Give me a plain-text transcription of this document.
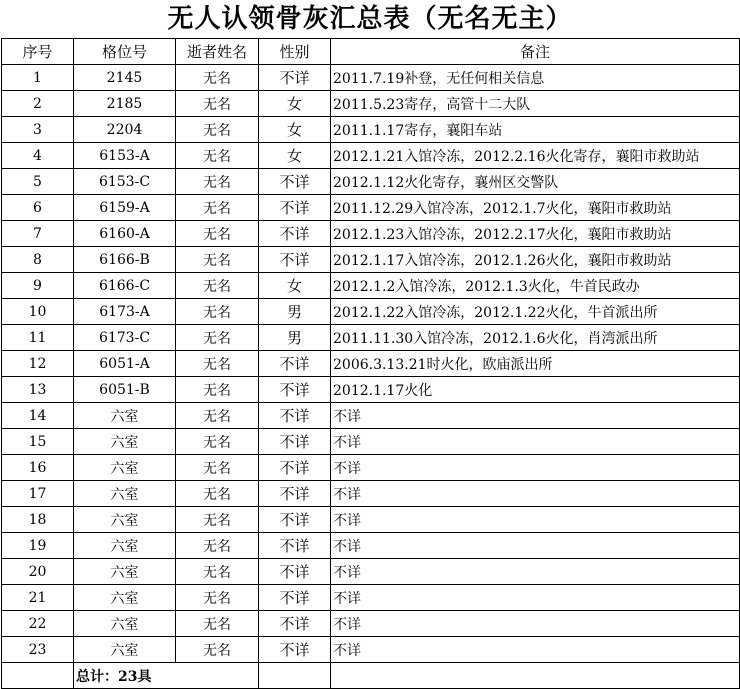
无人认领骨灰汇总表（无名无主）
序号	格位号	逝者姓名	性别	备注
1	2145	无名	不详	2011.7.19补登，无任何相关信息
2	2185	无名	女	2011.5.23寄存，高管十二大队
3	2204	无名	女	2011.1.17寄存，襄阳车站
4	6153-A	无名	女	2012.1.21入馆冷冻，2012.2.16火化寄存，襄阳市救助站
5	6153-C	无名	不详	2012.1.12火化寄存，襄州区交警队
6	6159-A	无名	不详	2011.12.29入馆冷冻，2012.1.7火化，襄阳市救助站
7	6160-A	无名	不详	2012.1.23入馆冷冻，2012.2.17火化，襄阳市救助站
8	6166-B	无名	不详	2012.1.17入馆冷冻，2012.1.26火化，襄阳市救助站
9	6166-C	无名	女	2012.1.2入馆冷冻，2012.1.3火化，牛首民政办
10	6173-A	无名	男	2012.1.22入馆冷冻，2012.1.22火化，牛首派出所
11	6173-C	无名	男	2011.11.30入馆冷冻，2012.1.6火化，肖湾派出所
12	6051-A	无名	不详	2006.3.13.21时火化，欧庙派出所
13	6051-B	无名	不详	2012.1.17火化
14	六室	无名	不详	不详
15	六室	无名	不详	不详
16	六室	无名	不详	不详
17	六室	无名	不详	不详
18	六室	无名	不详	不详
19	六室	无名	不详	不详
20	六室	无名	不详	不详
21	六室	无名	不详	不详
22	六室	无名	不详	不详
23	六室	无名	不详	不详
	总计：23具			
